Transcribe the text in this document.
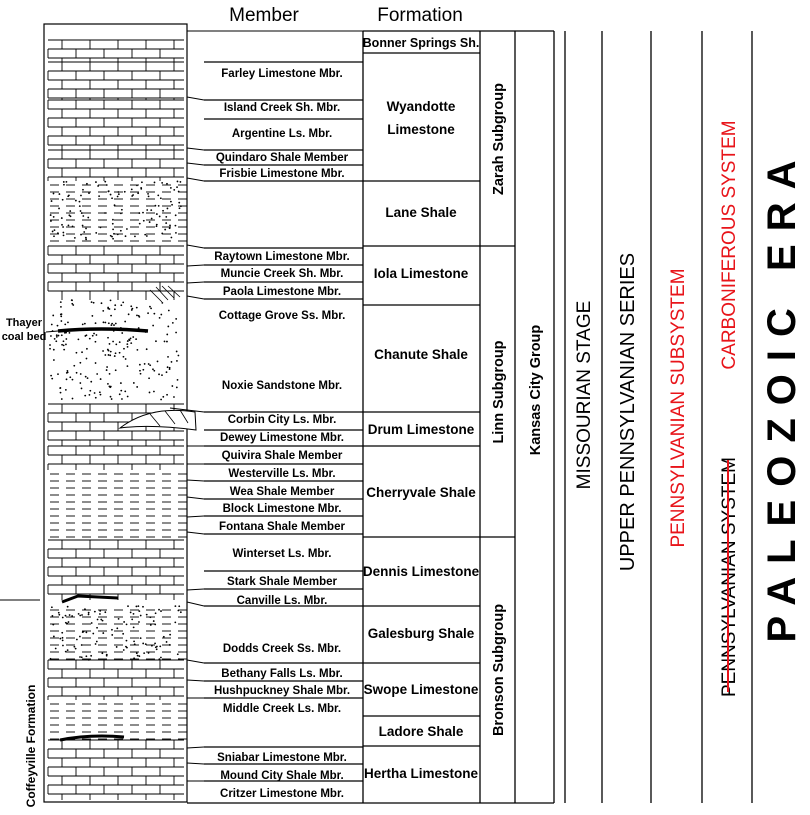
Member	Formation
Farley Limestone Mbr.
Island Creek Sh. Mbr.
Argentine Ls. Mbr.
Quindaro Shale Member
Frisbie Limestone Mbr.
Raytown Limestone Mbr.
Muncie Creek Sh. Mbr.
Paola Limestone Mbr.
Cottage Grove Ss. Mbr.
Noxie Sandstone Mbr.
Corbin City Ls. Mbr.
Dewey Limestone Mbr.
Quivira Shale Member
Westerville Ls. Mbr.
Wea Shale Member
Block Limestone Mbr.
Fontana Shale Member
Winterset Ls. Mbr.
Stark Shale Member
Canville Ls. Mbr.
Dodds Creek Ss. Mbr.
Bethany Falls Ls. Mbr.
Hushpuckney Shale Mbr.
Middle Creek Ls. Mbr.
Sniabar Limestone Mbr.
Mound City Shale Mbr.
Critzer Limestone Mbr.
Bonner Springs Sh.
Wyandotte
Limestone
Lane Shale
Iola Limestone
Chanute Shale
Drum Limestone
Cherryvale Shale
Dennis Limestone
Galesburg Shale
Swope Limestone
Ladore Shale
Hertha Limestone
Zarah Subgroup
Linn Subgroup
Bronson Subgroup
Kansas City Group MISSOURIAN STAGE UPPER PENNSYLVANIAN SERIES PENNSYLVANIAN SUBSYSTEM
PENNSYLVANIAN SYSTEM
CARBONIFEROUS SYSTEM PALEOZOIC ERA
Thayer
coal bed
Coffeyville Formation
